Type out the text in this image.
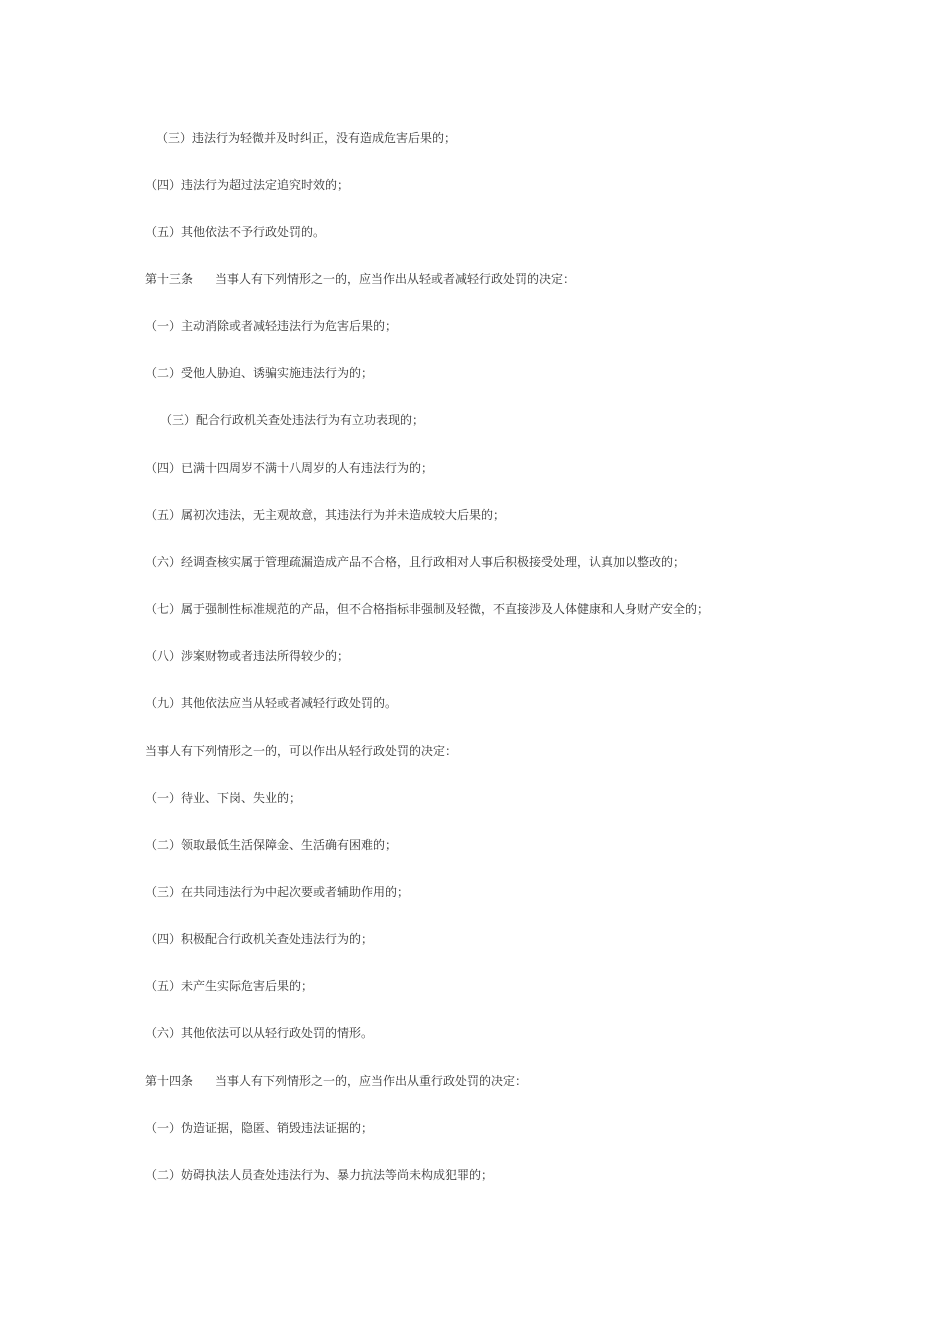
（三）违法行为轻微并及时纠正，没有造成危害后果的；
（四）违法行为超过法定追究时效的；
（五）其他依法不予行政处罚的。
第十三条 当事人有下列情形之一的，应当作出从轻或者减轻行政处罚的决定：
（一）主动消除或者减轻违法行为危害后果的；
（二）受他人胁迫、诱骗实施违法行为的；
（三）配合行政机关查处违法行为有立功表现的；
（四）已满十四周岁不满十八周岁的人有违法行为的；
（五）属初次违法，无主观故意，其违法行为并未造成较大后果的；
（六）经调查核实属于管理疏漏造成产品不合格，且行政相对人事后积极接受处理，认真加以整改的；
（七）属于强制性标准规范的产品，但不合格指标非强制及轻微，不直接涉及人体健康和人身财产安全的；
（八）涉案财物或者违法所得较少的；
（九）其他依法应当从轻或者减轻行政处罚的。
当事人有下列情形之一的，可以作出从轻行政处罚的决定：
（一）待业、下岗、失业的；
（二）领取最低生活保障金、生活确有困难的；
（三）在共同违法行为中起次要或者辅助作用的；
（四）积极配合行政机关查处违法行为的；
（五）未产生实际危害后果的；
（六）其他依法可以从轻行政处罚的情形。
第十四条 当事人有下列情形之一的，应当作出从重行政处罚的决定：
（一）伪造证据，隐匿、销毁违法证据的；
（二）妨碍执法人员查处违法行为、暴力抗法等尚未构成犯罪的；
